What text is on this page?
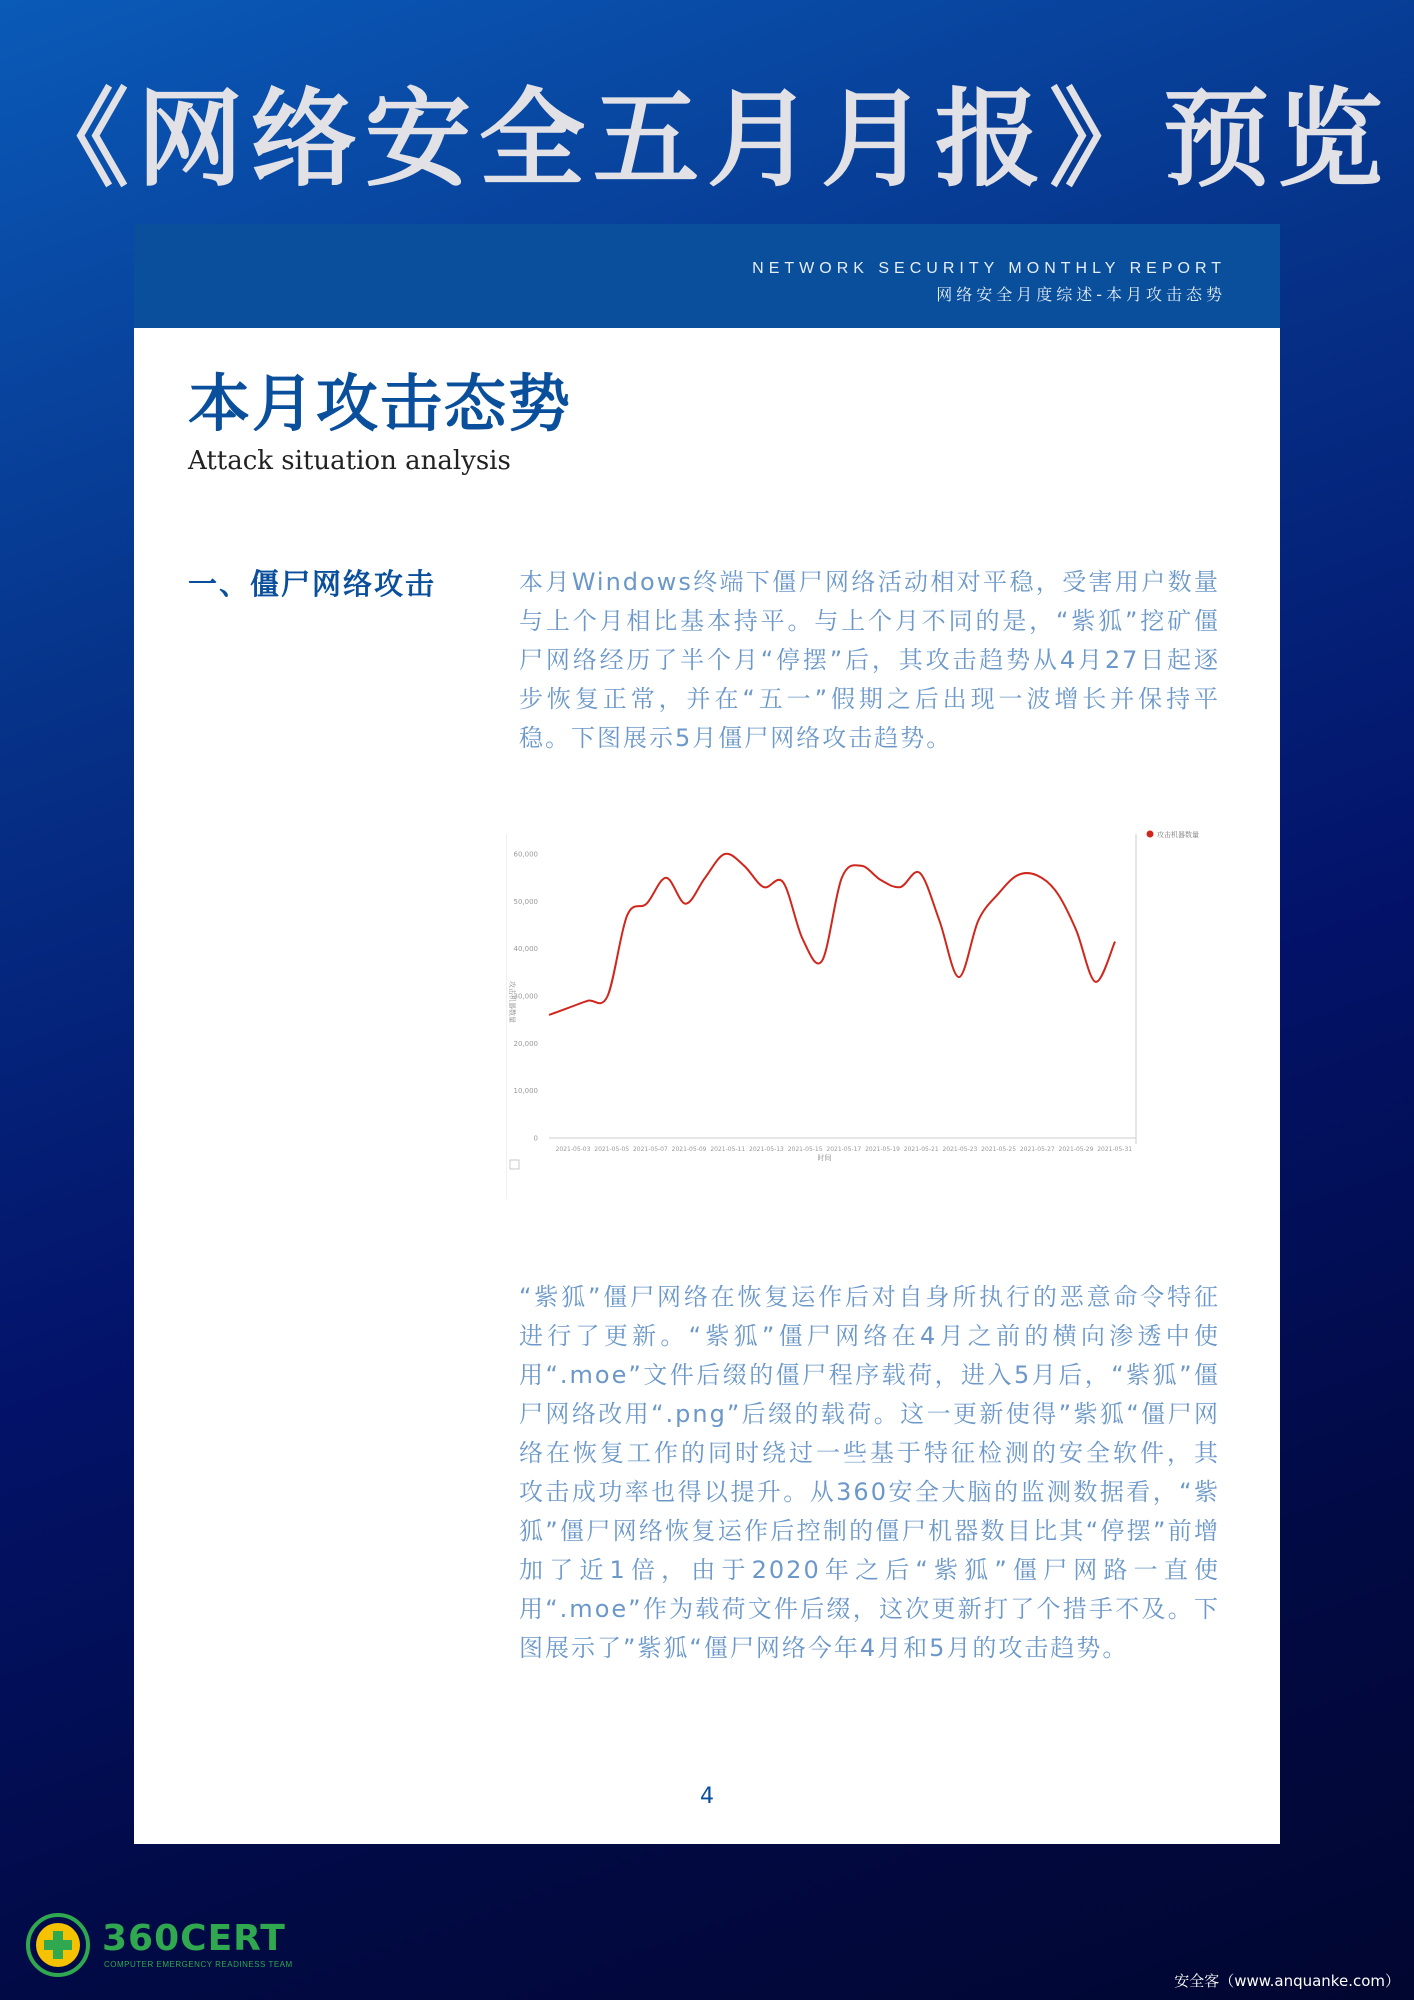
《网络安全五月月报》预览
NETWORK SECURITY MONTHLY REPORT
网络安全月度综述-本月攻击态势
本月攻击态势
Attack situation analysis
一、僵尸网络攻击	本月Windows终端下僵尸网络活动相对平稳，受害用户数量与上个月相比基本持平。与上个月不同的是，“紫狐”挖矿僵尸网络经历了半个月“停摆”后，其攻击趋势从4月27日起逐步恢复正常，并在“五一”假期之后出现一波增长并保持平稳。下图展示5月僵尸网络攻击趋势。

0
10,000
20,000
30,000
40,000
50,000
60,000
2021-05-03 2021-05-05 2021-05-07 2021-05-09 2021-05-11 2021-05-13 2021-05-15 2021-05-17 2021-05-19 2021-05-21 2021-05-23 2021-05-25 2021-05-27 2021-05-29 2021-05-31
攻击机器数量
攻击机器数量
时间

“紫狐”僵尸网络在恢复运作后对自身所执行的恶意命令特征进行了更新。“紫狐”僵尸网络在4月之前的横向渗透中使用“.moe”文件后缀的僵尸程序载荷，进入5月后，“紫狐”僵尸网络改用“.png”后缀的载荷。这一更新使得”紫狐“僵尸网络在恢复工作的同时绕过一些基于特征检测的安全软件，其攻击成功率也得以提升。从360安全大脑的监测数据看，“紫狐”僵尸网络恢复运作后控制的僵尸机器数目比其“停摆”前增加了近1倍，由于2020年之后“紫狐”僵尸网路一直使用“.moe”作为载荷文件后缀，这次更新打了个措手不及。下图展示了”紫狐“僵尸网络今年4月和5月的攻击趋势。

4
360CERT
COMPUTER EMERGENCY READINESS TEAM
安全客（www.anquanke.com）
